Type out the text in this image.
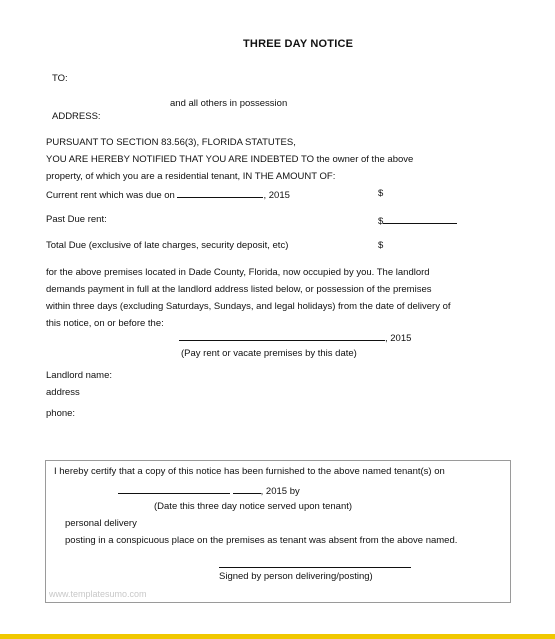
THREE DAY NOTICE
TO:
and all others in possession
ADDRESS:
PURSUANT TO SECTION 83.56(3), FLORIDA STATUTES,
YOU ARE HEREBY NOTIFIED THAT YOU ARE INDEBTED TO the owner of the above
property, of which you are a residential tenant, IN THE AMOUNT OF:
Current rent which was due on	, 2015	$
Past Due rent:	$
Total Due (exclusive of late charges, security deposit, etc)	$
for the above premises located in Dade County, Florida, now occupied by you. The landlord
demands payment in full at the landlord address listed below, or possession of the premises
within three days (excluding Saturdays, Sundays, and legal holidays) from the date of delivery of
this notice, on or before the:
, 2015
(Pay rent or vacate premises by this date)
Landlord name:
address
phone:
I hereby certify that a copy of this notice has been furnished to the above named tenant(s) on
, 2015 by
(Date this three day notice served upon tenant)
personal delivery
posting in a conspicuous place on the premises as tenant was absent from the above named.
Signed by person delivering/posting)
www.templatesumo.com
